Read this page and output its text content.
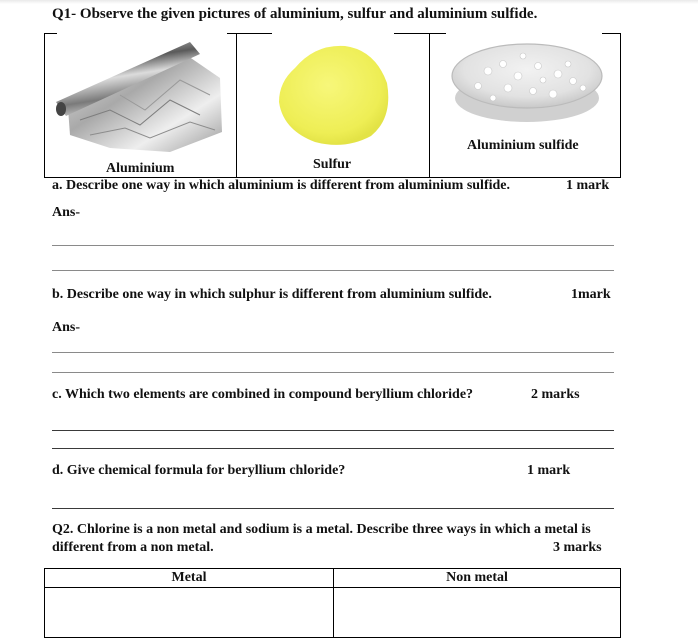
Q1- Observe the given pictures of aluminium, sulfur and aluminium sulfide.
Aluminium	Sulfur
Aluminium sulfide
a. Describe one way in which aluminium is different from aluminium sulfide.	1 mark
Ans-
b. Describe one way in which sulphur is different from aluminium sulfide.	1mark
Ans-
c. Which two elements are combined in compound beryllium chloride?	2 marks
d. Give chemical formula for beryllium chloride?	1 mark
Q2. Chlorine is a non metal and sodium is a metal. Describe three ways in which a metal is
different from a non metal.	3 marks
Metal	Non metal
